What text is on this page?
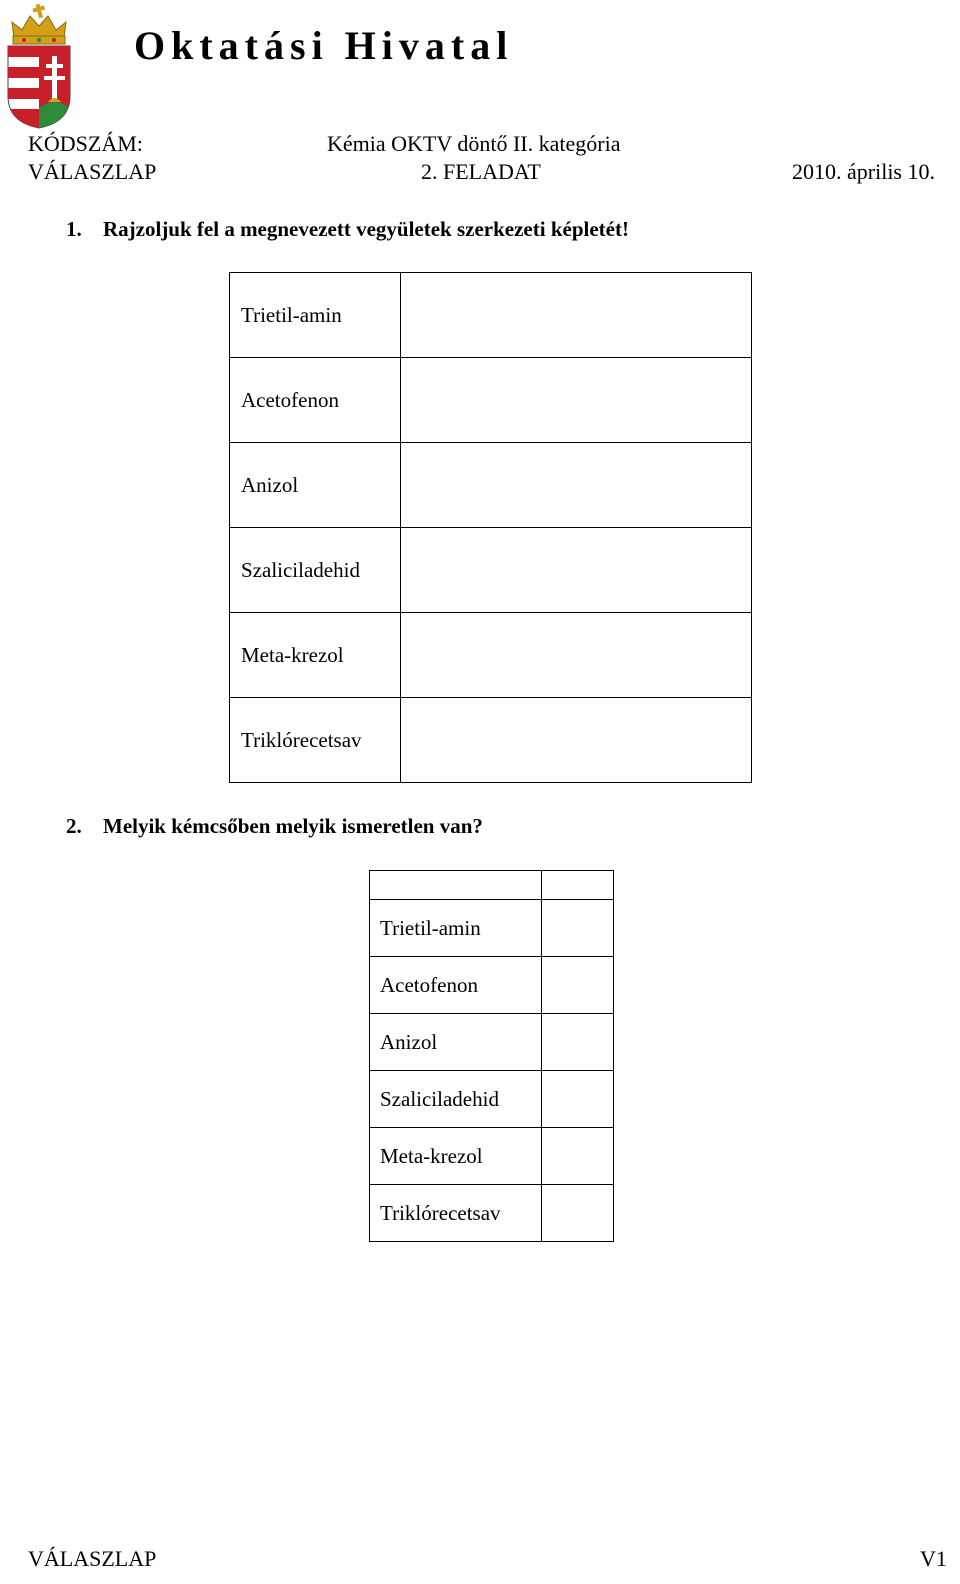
Oktatási Hivatal
KÓDSZÁM:	Kémia OKTV döntő II. kategória
VÁLASZLAP	2. FELADAT	2010. április 10.
1. Rajzoljuk fel a megnevezett vegyületek szerkezeti képletét!
Trietil-amin	
Acetofenon	
Anizol	
Szaliciladehid	
Meta-krezol	
Triklórecetsav	
2. Melyik kémcsőben melyik ismeretlen van?

Trietil-amin	
Acetofenon	
Anizol	
Szaliciladehid	
Meta-krezol	
Triklórecetsav	
VÁLASZLAP	V1
